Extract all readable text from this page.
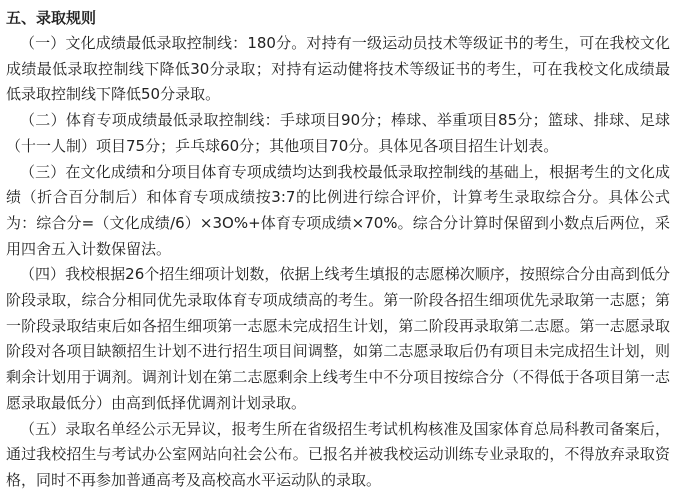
五、录取规则

（一）文化成绩最低录取控制线：180分。对持有一级运动员技术等级证书的考生，可在我校文化成绩最低录取控制线下降低30分录取；对持有运动健将技术等级证书的考生，可在我校文化成绩最低录取控制线下降低50分录取。

（二）体育专项成绩最低录取控制线：手球项目90分；棒球、举重项目85分；篮球、排球、足球（十一人制）项目75分；乒乓球60分；其他项目70分。具体见各项目招生计划表。

（三）在文化成绩和分项目体育专项成绩均达到我校最低录取控制线的基础上，根据考生的文化成绩（折合百分制后）和体育专项成绩按3:7的比例进行综合评价，计算考生录取综合分。具体公式为：综合分=（文化成绩/6）×3O%+体育专项成绩×70%。综合分计算时保留到小数点后两位，采用四舍五入计数保留法。

（四）我校根据26个招生细项计划数，依据上线考生填报的志愿梯次顺序，按照综合分由高到低分阶段录取，综合分相同优先录取体育专项成绩高的考生。第一阶段各招生细项优先录取第一志愿；第一阶段录取结束后如各招生细项第一志愿未完成招生计划，第二阶段再录取第二志愿。第一志愿录取阶段对各项目缺额招生计划不进行招生项目间调整，如第二志愿录取后仍有项目未完成招生计划，则剩余计划用于调剂。调剂计划在第二志愿剩余上线考生中不分项目按综合分（不得低于各项目第一志愿录取最低分）由高到低择优调剂计划录取。

（五）录取名单经公示无异议，报考生所在省级招生考试机构核准及国家体育总局科教司备案后，通过我校招生与考试办公室网站向社会公布。已报名并被我校运动训练专业录取的，不得放弃录取资格，同时不再参加普通高考及高校高水平运动队的录取。
